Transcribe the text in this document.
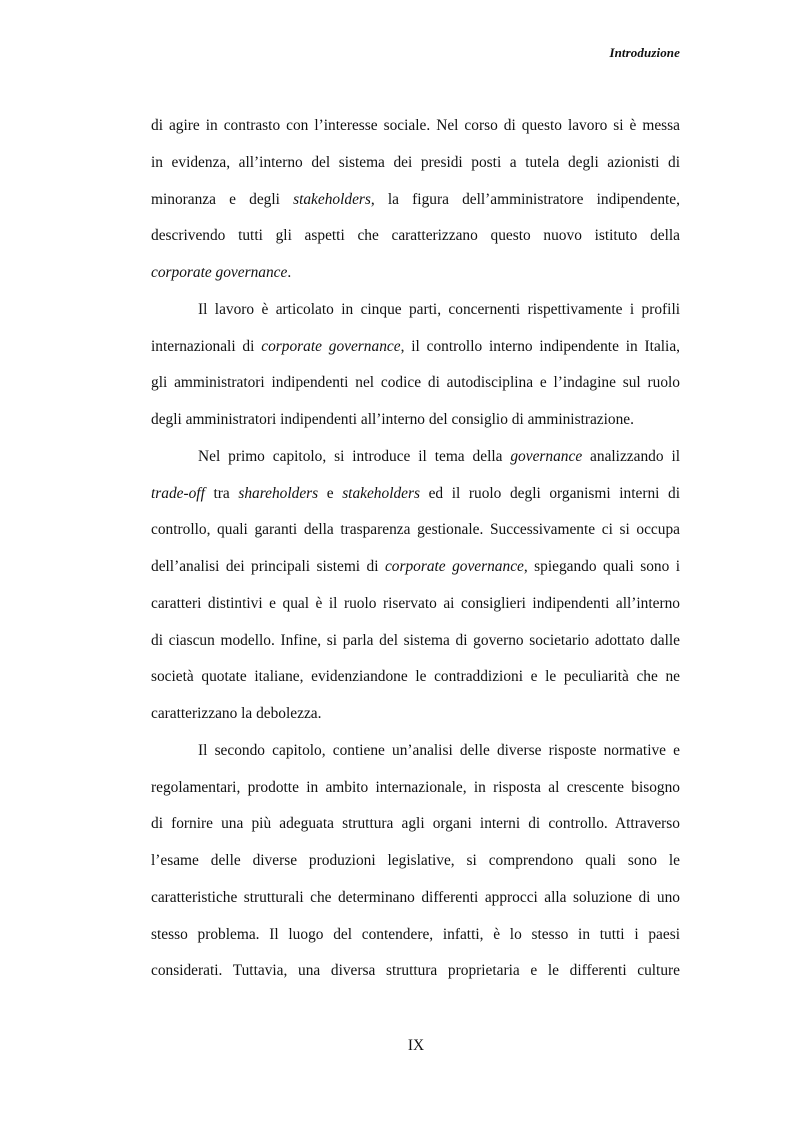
Introduzione

di agire in contrasto con l’interesse sociale. Nel corso di questo lavoro si è messa
in evidenza, all’interno del sistema dei presidi posti a tutela degli azionisti di
minoranza e degli stakeholders, la figura dell’amministratore indipendente,
descrivendo tutti gli aspetti che caratterizzano questo nuovo istituto della
corporate governance.

Il lavoro è articolato in cinque parti, concernenti rispettivamente i profili
internazionali di corporate governance, il controllo interno indipendente in Italia,
gli amministratori indipendenti nel codice di autodisciplina e l’indagine sul ruolo
degli amministratori indipendenti all’interno del consiglio di amministrazione.

Nel primo capitolo, si introduce il tema della governance analizzando il
trade-off tra shareholders e stakeholders ed il ruolo degli organismi interni di
controllo, quali garanti della trasparenza gestionale. Successivamente ci si occupa
dell’analisi dei principali sistemi di corporate governance, spiegando quali sono i
caratteri distintivi e qual è il ruolo riservato ai consiglieri indipendenti all’interno
di ciascun modello. Infine, si parla del sistema di governo societario adottato dalle
società quotate italiane, evidenziandone le contraddizioni e le peculiarità che ne
caratterizzano la debolezza.

Il secondo capitolo, contiene un’analisi delle diverse risposte normative e
regolamentari, prodotte in ambito internazionale, in risposta al crescente bisogno
di fornire una più adeguata struttura agli organi interni di controllo. Attraverso
l’esame delle diverse produzioni legislative, si comprendono quali sono le
caratteristiche strutturali che determinano differenti approcci alla soluzione di uno
stesso problema. Il luogo del contendere, infatti, è lo stesso in tutti i paesi
considerati. Tuttavia, una diversa struttura proprietaria e le differenti culture

IX
